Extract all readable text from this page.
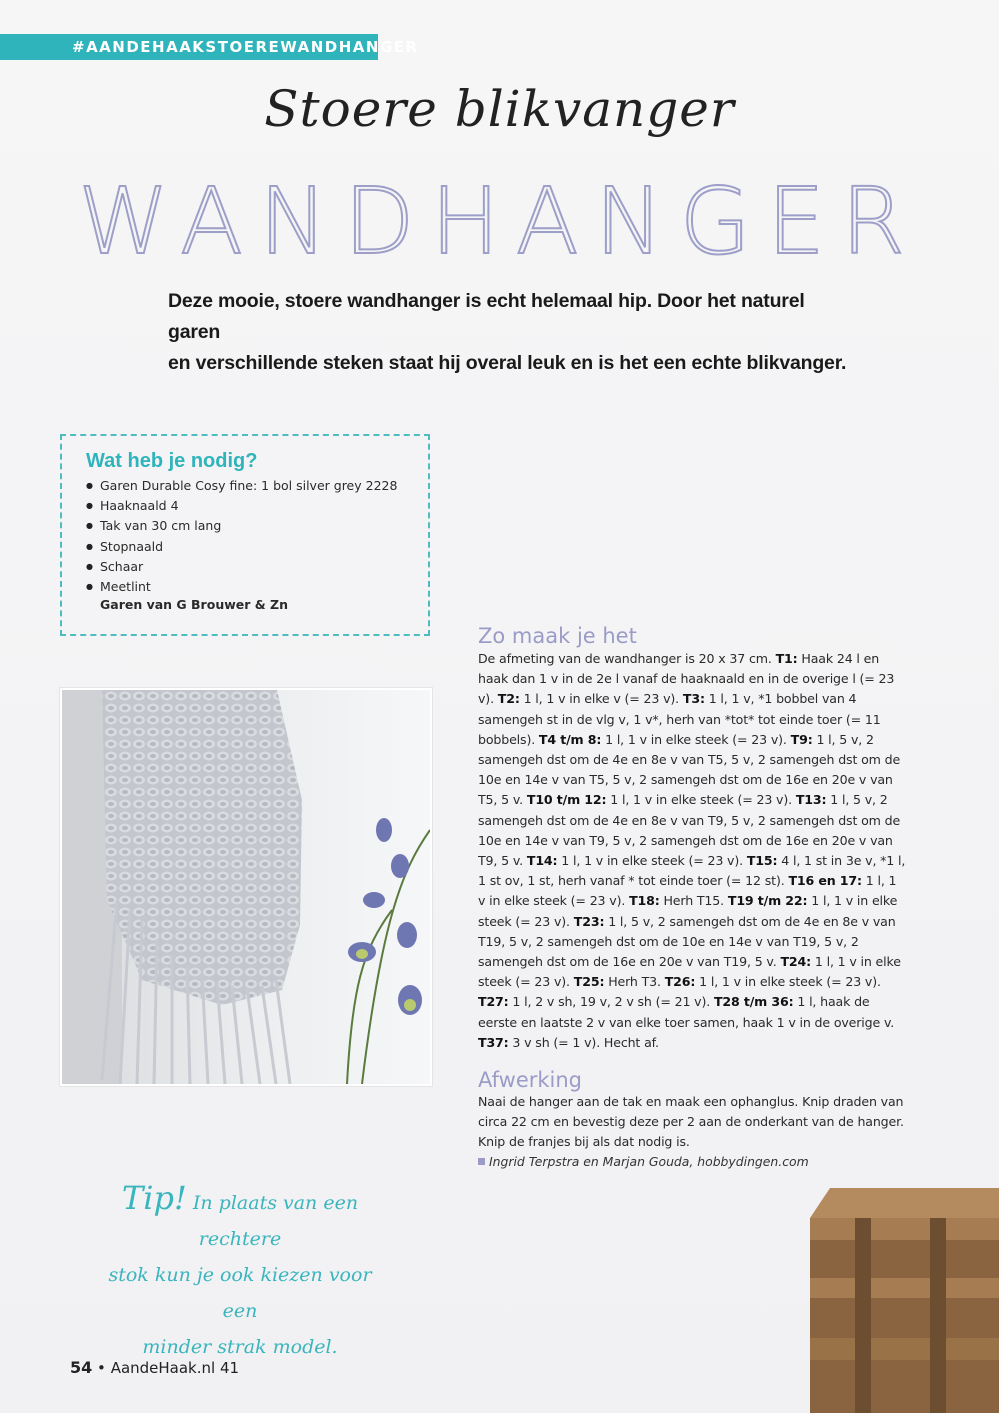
#AANDEHAAKSTOEREWANDHANGER
Stoere blikvanger
WANDHANGER
Deze mooie, stoere wandhanger is echt helemaal hip. Door het naturel garen
en verschillende steken staat hij overal leuk en is het een echte blikvanger.
Wat heb je nodig?
● Garen Durable Cosy fine: 1 bol silver grey 2228
● Haaknaald 4
● Tak van 30 cm lang
● Stopnaald
● Schaar
● Meetlint
Garen van G Brouwer & Zn
Zo maak je het
De afmeting van de wandhanger is 20 x 37 cm. T1: Haak 24 l en haak dan 1 v in de 2e l vanaf de haaknaald en in de overige l (= 23 v). T2: 1 l, 1 v in elke v (= 23 v). T3: 1 l, 1 v, *1 bobbel van 4 samengeh st in de vlg v, 1 v*, herh van *tot* tot einde toer (= 11 bobbels). T4 t/m 8: 1 l, 1 v in elke steek (= 23 v). T9: 1 l, 5 v, 2 samengeh dst om de 4e en 8e v van T5, 5 v, 2 samengeh dst om de 10e en 14e v van T5, 5 v, 2 samengeh dst om de 16e en 20e v van T5, 5 v. T10 t/m 12: 1 l, 1 v in elke steek (= 23 v). T13: 1 l, 5 v, 2 samengeh dst om de 4e en 8e v van T9, 5 v, 2 samengeh dst om de 10e en 14e v van T9, 5 v, 2 samengeh dst om de 16e en 20e v van T9, 5 v. T14: 1 l, 1 v in elke steek (= 23 v). T15: 4 l, 1 st in 3e v, *1 l, 1 st ov, 1 st, herh vanaf * tot einde toer (= 12 st). T16 en 17: 1 l, 1 v in elke steek (= 23 v). T18: Herh T15. T19 t/m 22: 1 l, 1 v in elke steek (= 23 v). T23: 1 l, 5 v, 2 samengeh dst om de 4e en 8e v van T19, 5 v, 2 samengeh dst om de 10e en 14e v van T19, 5 v, 2 samengeh dst om de 16e en 20e v van T19, 5 v. T24: 1 l, 1 v in elke steek (= 23 v). T25: Herh T3. T26: 1 l, 1 v in elke steek (= 23 v). T27: 1 l, 2 v sh, 19 v, 2 v sh (= 21 v). T28 t/m 36: 1 l, haak de eerste en laatste 2 v van elke toer samen, haak 1 v in de overige v. T37: 3 v sh (= 1 v). Hecht af.
Afwerking
Naai de hanger aan de tak en maak een ophanglus. Knip draden van circa 22 cm en bevestig deze per 2 aan de onderkant van de hanger. Knip de franjes bij als dat nodig is.
Ingrid Terpstra en Marjan Gouda, hobbydingen.com
Tip! In plaats van een rechtere
stok kun je ook kiezen voor een
minder strak model.
54 • AandeHaak.nl 41
